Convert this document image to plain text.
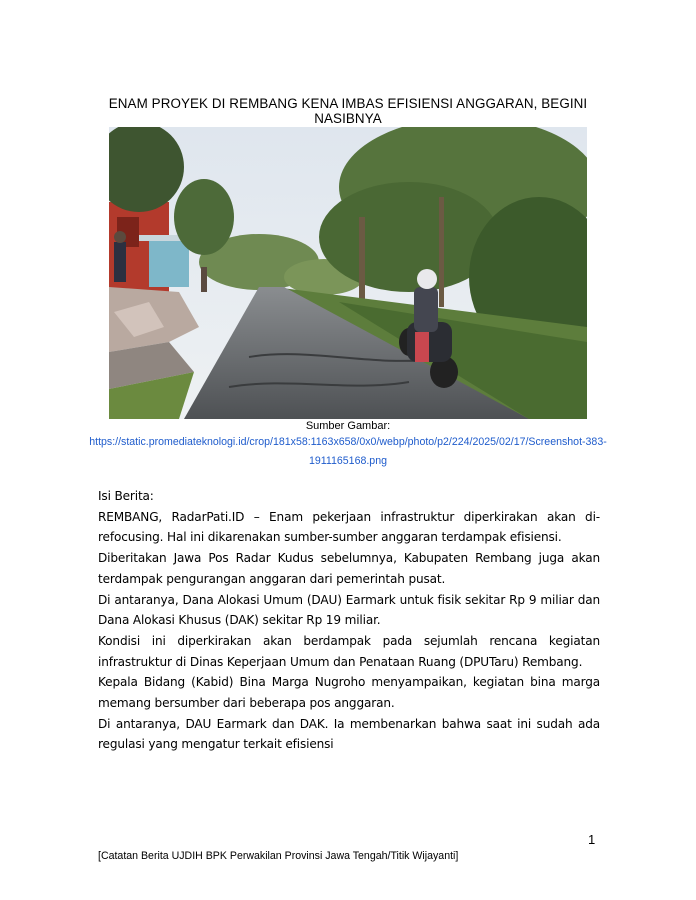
ENAM PROYEK DI REMBANG KENA IMBAS EFISIENSI ANGGARAN, BEGINI NASIBNYA
Sumber Gambar:
https://static.promediateknologi.id/crop/181x58:1163x658/0x0/webp/photo/p2/224/2025/02/17/Screenshot-383-1911165168.png

Isi Berita:

REMBANG, RadarPati.ID – Enam pekerjaan infrastruktur diperkirakan akan di-refocusing. Hal ini dikarenakan sumber-sumber anggaran terdampak efisiensi.

Diberitakan Jawa Pos Radar Kudus sebelumnya, Kabupaten Rembang juga akan terdampak pengurangan anggaran dari pemerintah pusat.

Di antaranya, Dana Alokasi Umum (DAU) Earmark untuk fisik sekitar Rp 9 miliar dan Dana Alokasi Khusus (DAK) sekitar Rp 19 miliar.

Kondisi ini diperkirakan akan berdampak pada sejumlah rencana kegiatan infrastruktur di Dinas Keperjaan Umum dan Penataan Ruang (DPUTaru) Rembang.

Kepala Bidang (Kabid) Bina Marga Nugroho menyampaikan, kegiatan bina marga memang bersumber dari beberapa pos anggaran.

Di antaranya, DAU Earmark dan DAK. Ia membenarkan bahwa saat ini sudah ada regulasi yang mengatur terkait efisiensi

1
[Catatan Berita UJDIH BPK Perwakilan Provinsi Jawa Tengah/Titik Wijayanti]
